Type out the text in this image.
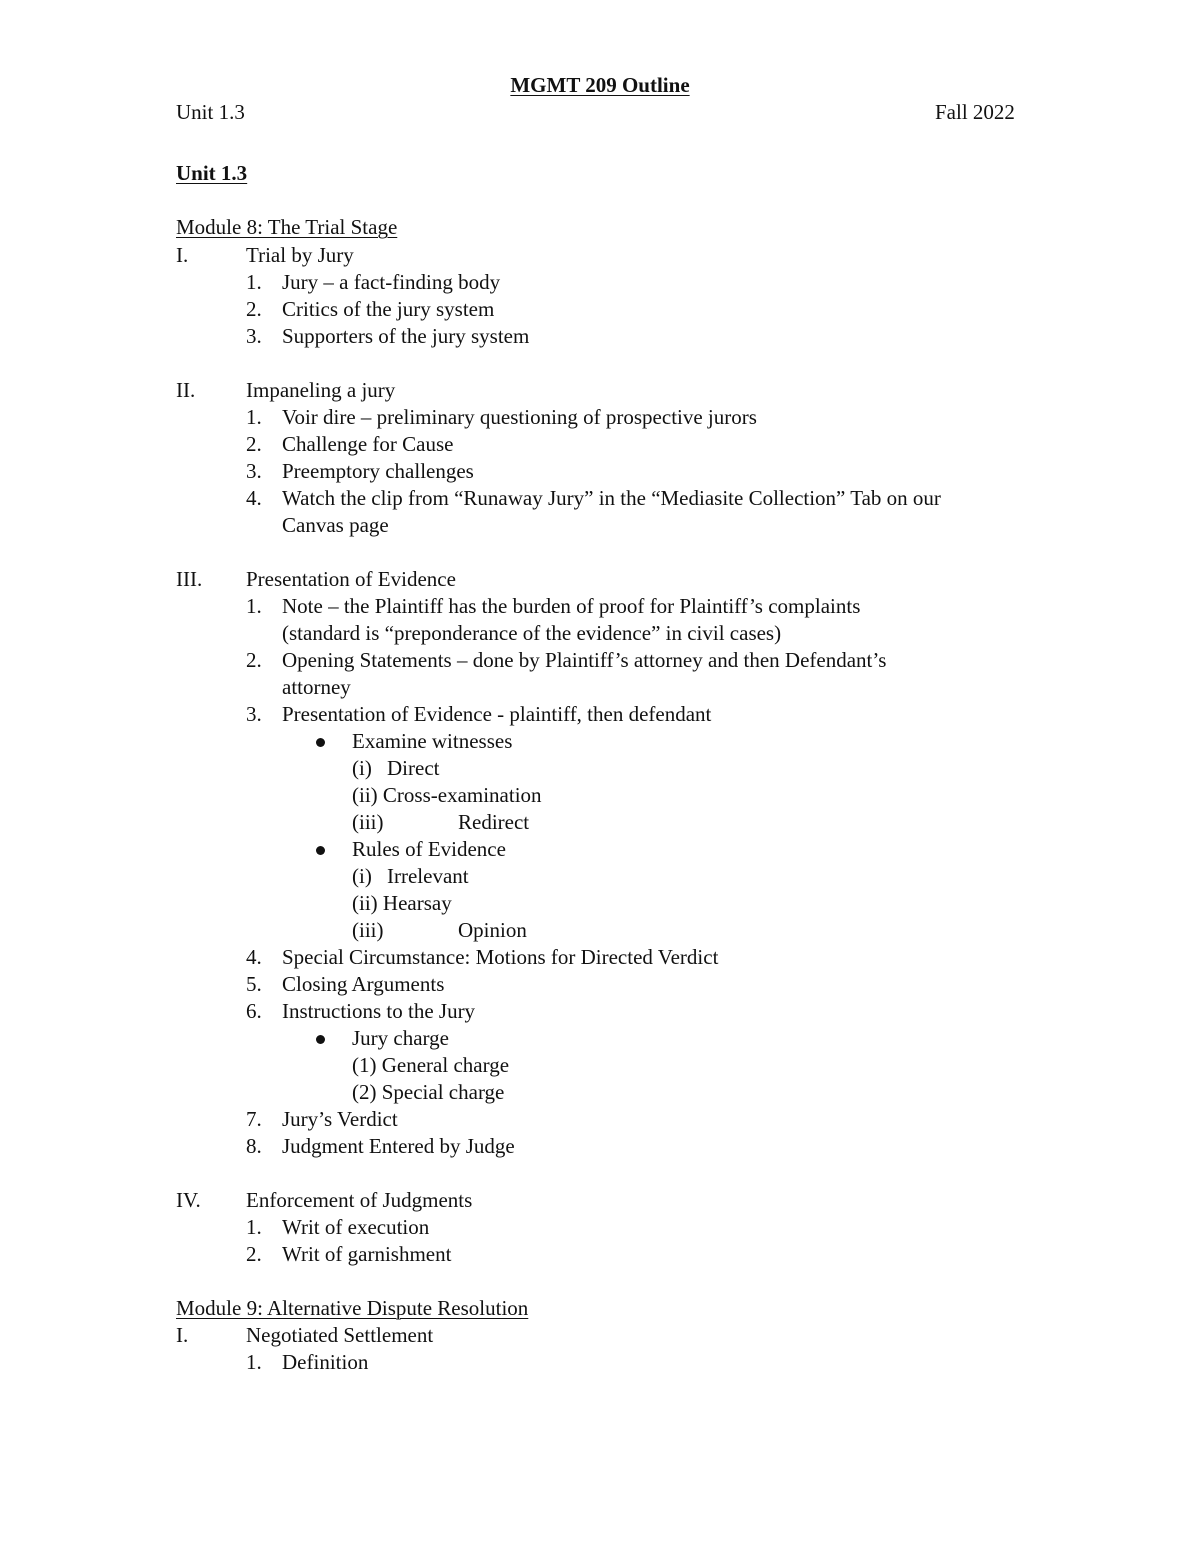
MGMT 209 Outline
Unit 1.3	Fall 2022
Unit 1.3
Module 8: The Trial Stage
I.	Trial by Jury
1. Jury – a fact-finding body
2. Critics of the jury system
3. Supporters of the jury system
II. Impaneling a jury
1. Voir dire – preliminary questioning of prospective jurors
2. Challenge for Cause
3. Preemptory challenges
4. Watch the clip from “Runaway Jury” in the “Mediasite Collection” Tab on our
Canvas page
III. Presentation of Evidence
1. Note – the Plaintiff has the burden of proof for Plaintiff’s complaints
(standard is “preponderance of the evidence” in civil cases)
2. Opening Statements – done by Plaintiff’s attorney and then Defendant’s
attorney
3. Presentation of Evidence - plaintiff, then defendant
Examine witnesses
(i) Direct
(ii) Cross-examination
(iii)	Redirect
Rules of Evidence
(i) Irrelevant
(ii) Hearsay
(iii)	Opinion
4. Special Circumstance: Motions for Directed Verdict
5. Closing Arguments
6. Instructions to the Jury
Jury charge
(1) General charge
(2) Special charge
7. Jury’s Verdict
8. Judgment Entered by Judge
IV. Enforcement of Judgments
1. Writ of execution
2. Writ of garnishment
Module 9: Alternative Dispute Resolution
I.	Negotiated Settlement
1. Definition
